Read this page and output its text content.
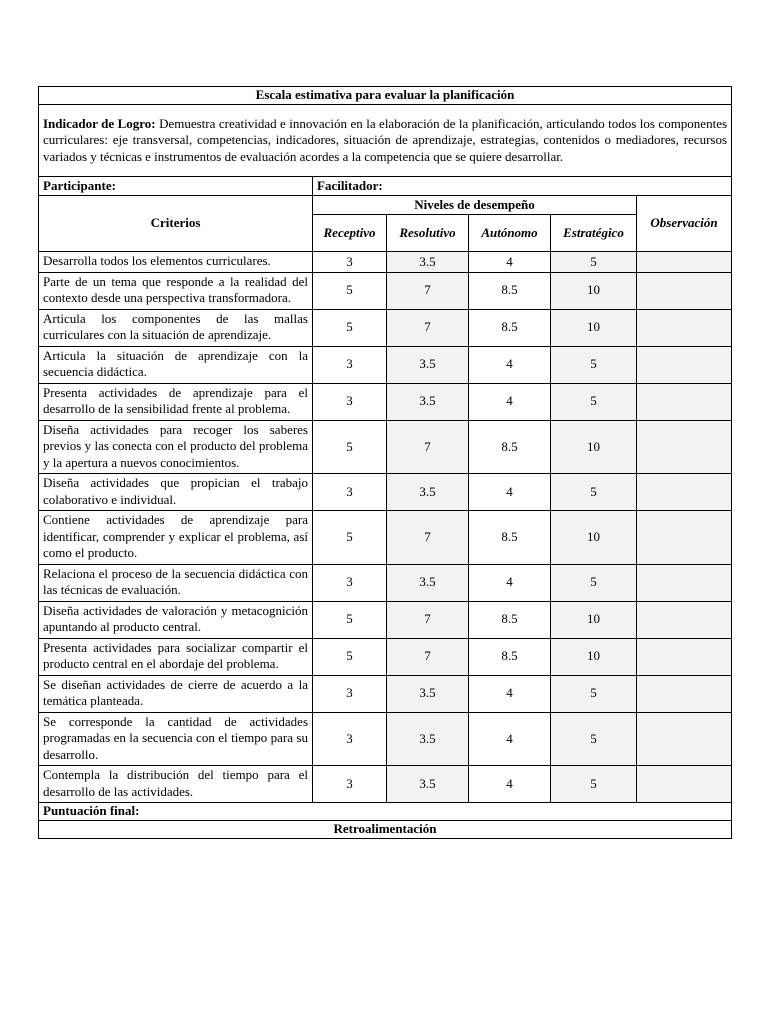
Escala estimativa para evaluar la planificación					
Indicador de Logro: Demuestra creatividad e innovación en la elaboración de la planificación, articulando todos los componentes curriculares: eje transversal, competencias, indicadores, situación de aprendizaje, estrategias, contenidos o mediadores, recursos variados y técnicas e instrumentos de evaluación acordes a la competencia que se quiere desarrollar.					
Participante:	Facilitador:				
Criterios	Niveles de desempeño				Observación
	Receptivo	Resolutivo	Autónomo	Estratégico	
Desarrolla todos los elementos curriculares.	3	3.5	4	5	
Parte de un tema que responde a la realidad del contexto desde una perspectiva transformadora.	5	7	8.5	10	
Articula los componentes de las mallas curriculares con la situación de aprendizaje.	5	7	8.5	10	
Articula la situación de aprendizaje con la secuencia didáctica.	3	3.5	4	5	
Presenta actividades de aprendizaje para el desarrollo de la sensibilidad frente al problema.	3	3.5	4	5	
Diseña actividades para recoger los saberes previos y las conecta con el producto del problema y la apertura a nuevos conocimientos.	5	7	8.5	10	
Diseña actividades que propician el trabajo colaborativo e individual.	3	3.5	4	5	
Contiene actividades de aprendizaje para identificar, comprender y explicar el problema, así como el producto.	5	7	8.5	10	
Relaciona el proceso de la secuencia didáctica con las técnicas de evaluación.	3	3.5	4	5	
Diseña actividades de valoración y metacognición apuntando al producto central.	5	7	8.5	10	
Presenta actividades para socializar compartir el producto central en el abordaje del problema.	5	7	8.5	10	
Se diseñan actividades de cierre de acuerdo a la temática planteada.	3	3.5	4	5	
Se corresponde la cantidad de actividades programadas en la secuencia con el tiempo para su desarrollo.	3	3.5	4	5	
Contempla la distribución del tiempo para el desarrollo de las actividades.	3	3.5	4	5	
Puntuación final:					
Retroalimentación					
